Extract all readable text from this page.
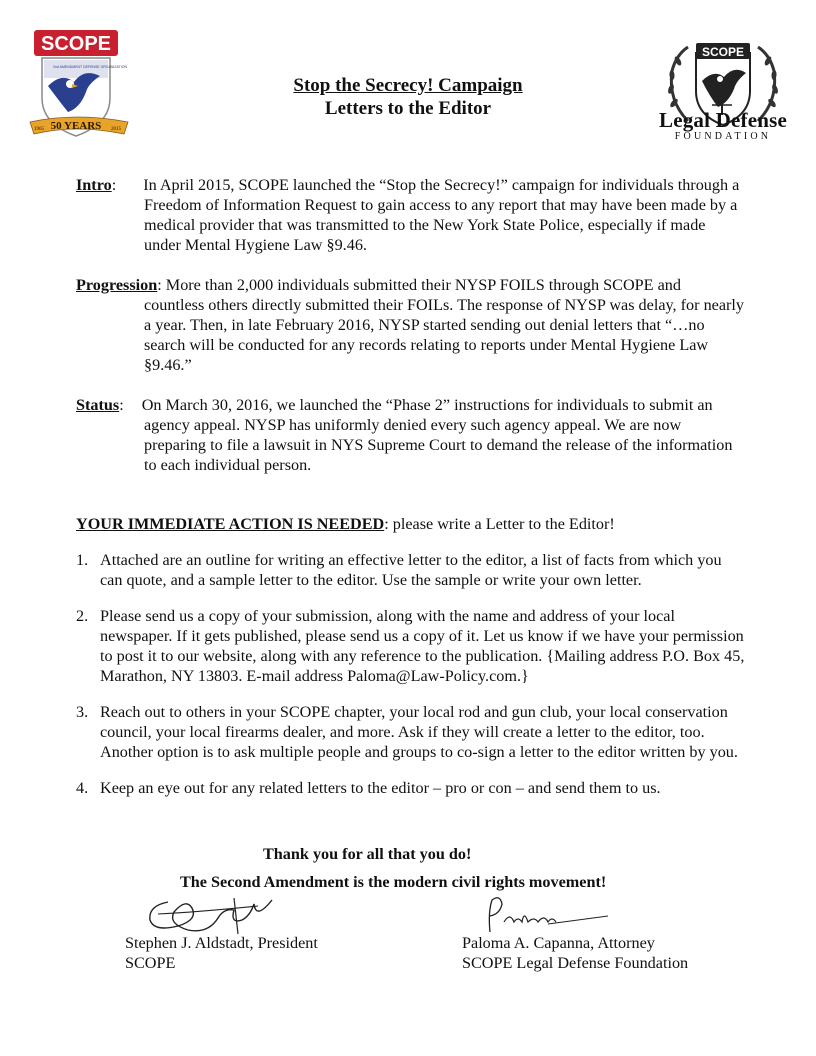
SCOPE
2nd AMENDMENT DEFENSE ORGANIZATION
50 YEARS
1965	2015
SCOPE
Legal Defense
FOUNDATION
Stop the Secrecy! Campaign
Letters to the Editor

Intro: In April 2015, SCOPE launched the “Stop the Secrecy!” campaign for individuals through a Freedom of Information Request to gain access to any report that may have been made by a medical provider that was transmitted to the New York State Police, especially if made under Mental Hygiene Law §9.46.

Progression: More than 2,000 individuals submitted their NYSP FOILS through SCOPE and countless others directly submitted their FOILs. The response of NYSP was delay, for nearly a year. Then, in late February 2016, NYSP started sending out denial letters that “…no search will be conducted for any records relating to reports under Mental Hygiene Law §9.46.”

Status: On March 30, 2016, we launched the “Phase 2” instructions for individuals to submit an agency appeal. NYSP has uniformly denied every such agency appeal. We are now preparing to file a lawsuit in NYS Supreme Court to demand the release of the information to each individual person.

YOUR IMMEDIATE ACTION IS NEEDED: please write a Letter to the Editor!
1. Attached are an outline for writing an effective letter to the editor, a list of facts from which you can quote, and a sample letter to the editor. Use the sample or write your own letter.
2. Please send us a copy of your submission, along with the name and address of your local newspaper. If it gets published, please send us a copy of it. Let us know if we have your permission to post it to our website, along with any reference to the publication. {Mailing address P.O. Box 45, Marathon, NY 13803. E-mail address Paloma@Law-Policy.com.}
3. Reach out to others in your SCOPE chapter, your local rod and gun club, your local conservation council, your local firearms dealer, and more. Ask if they will create a letter to the editor, too. Another option is to ask multiple people and groups to co-sign a letter to the editor written by you.
4. Keep an eye out for any related letters to the editor – pro or con – and send them to us.
Thank you for all that you do!
The Second Amendment is the modern civil rights movement!
Stephen J. Aldstadt, President
SCOPE
Paloma A. Capanna, Attorney
SCOPE Legal Defense Foundation
